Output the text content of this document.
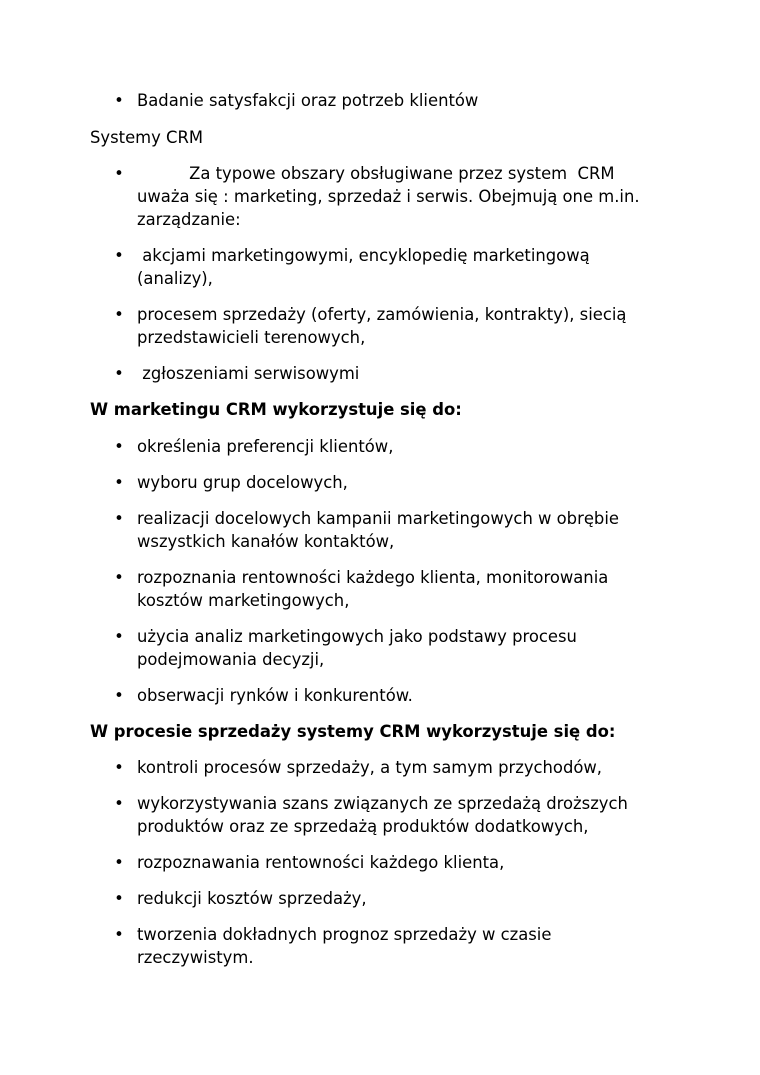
• Badanie satysfakcji oraz potrzeb klientów

Systemy CRM

• Za typowe obszary obsługiwane przez system  CRM
uważa się : marketing, sprzedaż i serwis. Obejmują one m.in.
zarządzanie:
• akcjami marketingowymi, encyklopedię marketingową
(analizy),
• procesem sprzedaży (oferty, zamówienia, kontrakty), siecią
przedstawicieli terenowych,
• zgłoszeniami serwisowymi

W marketingu CRM wykorzystuje się do:

• określenia preferencji klientów,
• wyboru grup docelowych,
• realizacji docelowych kampanii marketingowych w obrębie
wszystkich kanałów kontaktów,
• rozpoznania rentowności każdego klienta, monitorowania
kosztów marketingowych,
• użycia analiz marketingowych jako podstawy procesu
podejmowania decyzji,
• obserwacji rynków i konkurentów.

W procesie sprzedaży systemy CRM wykorzystuje się do:

• kontroli procesów sprzedaży, a tym samym przychodów,
• wykorzystywania szans związanych ze sprzedażą droższych
produktów oraz ze sprzedażą produktów dodatkowych,
• rozpoznawania rentowności każdego klienta,
• redukcji kosztów sprzedaży,
• tworzenia dokładnych prognoz sprzedaży w czasie
rzeczywistym.
